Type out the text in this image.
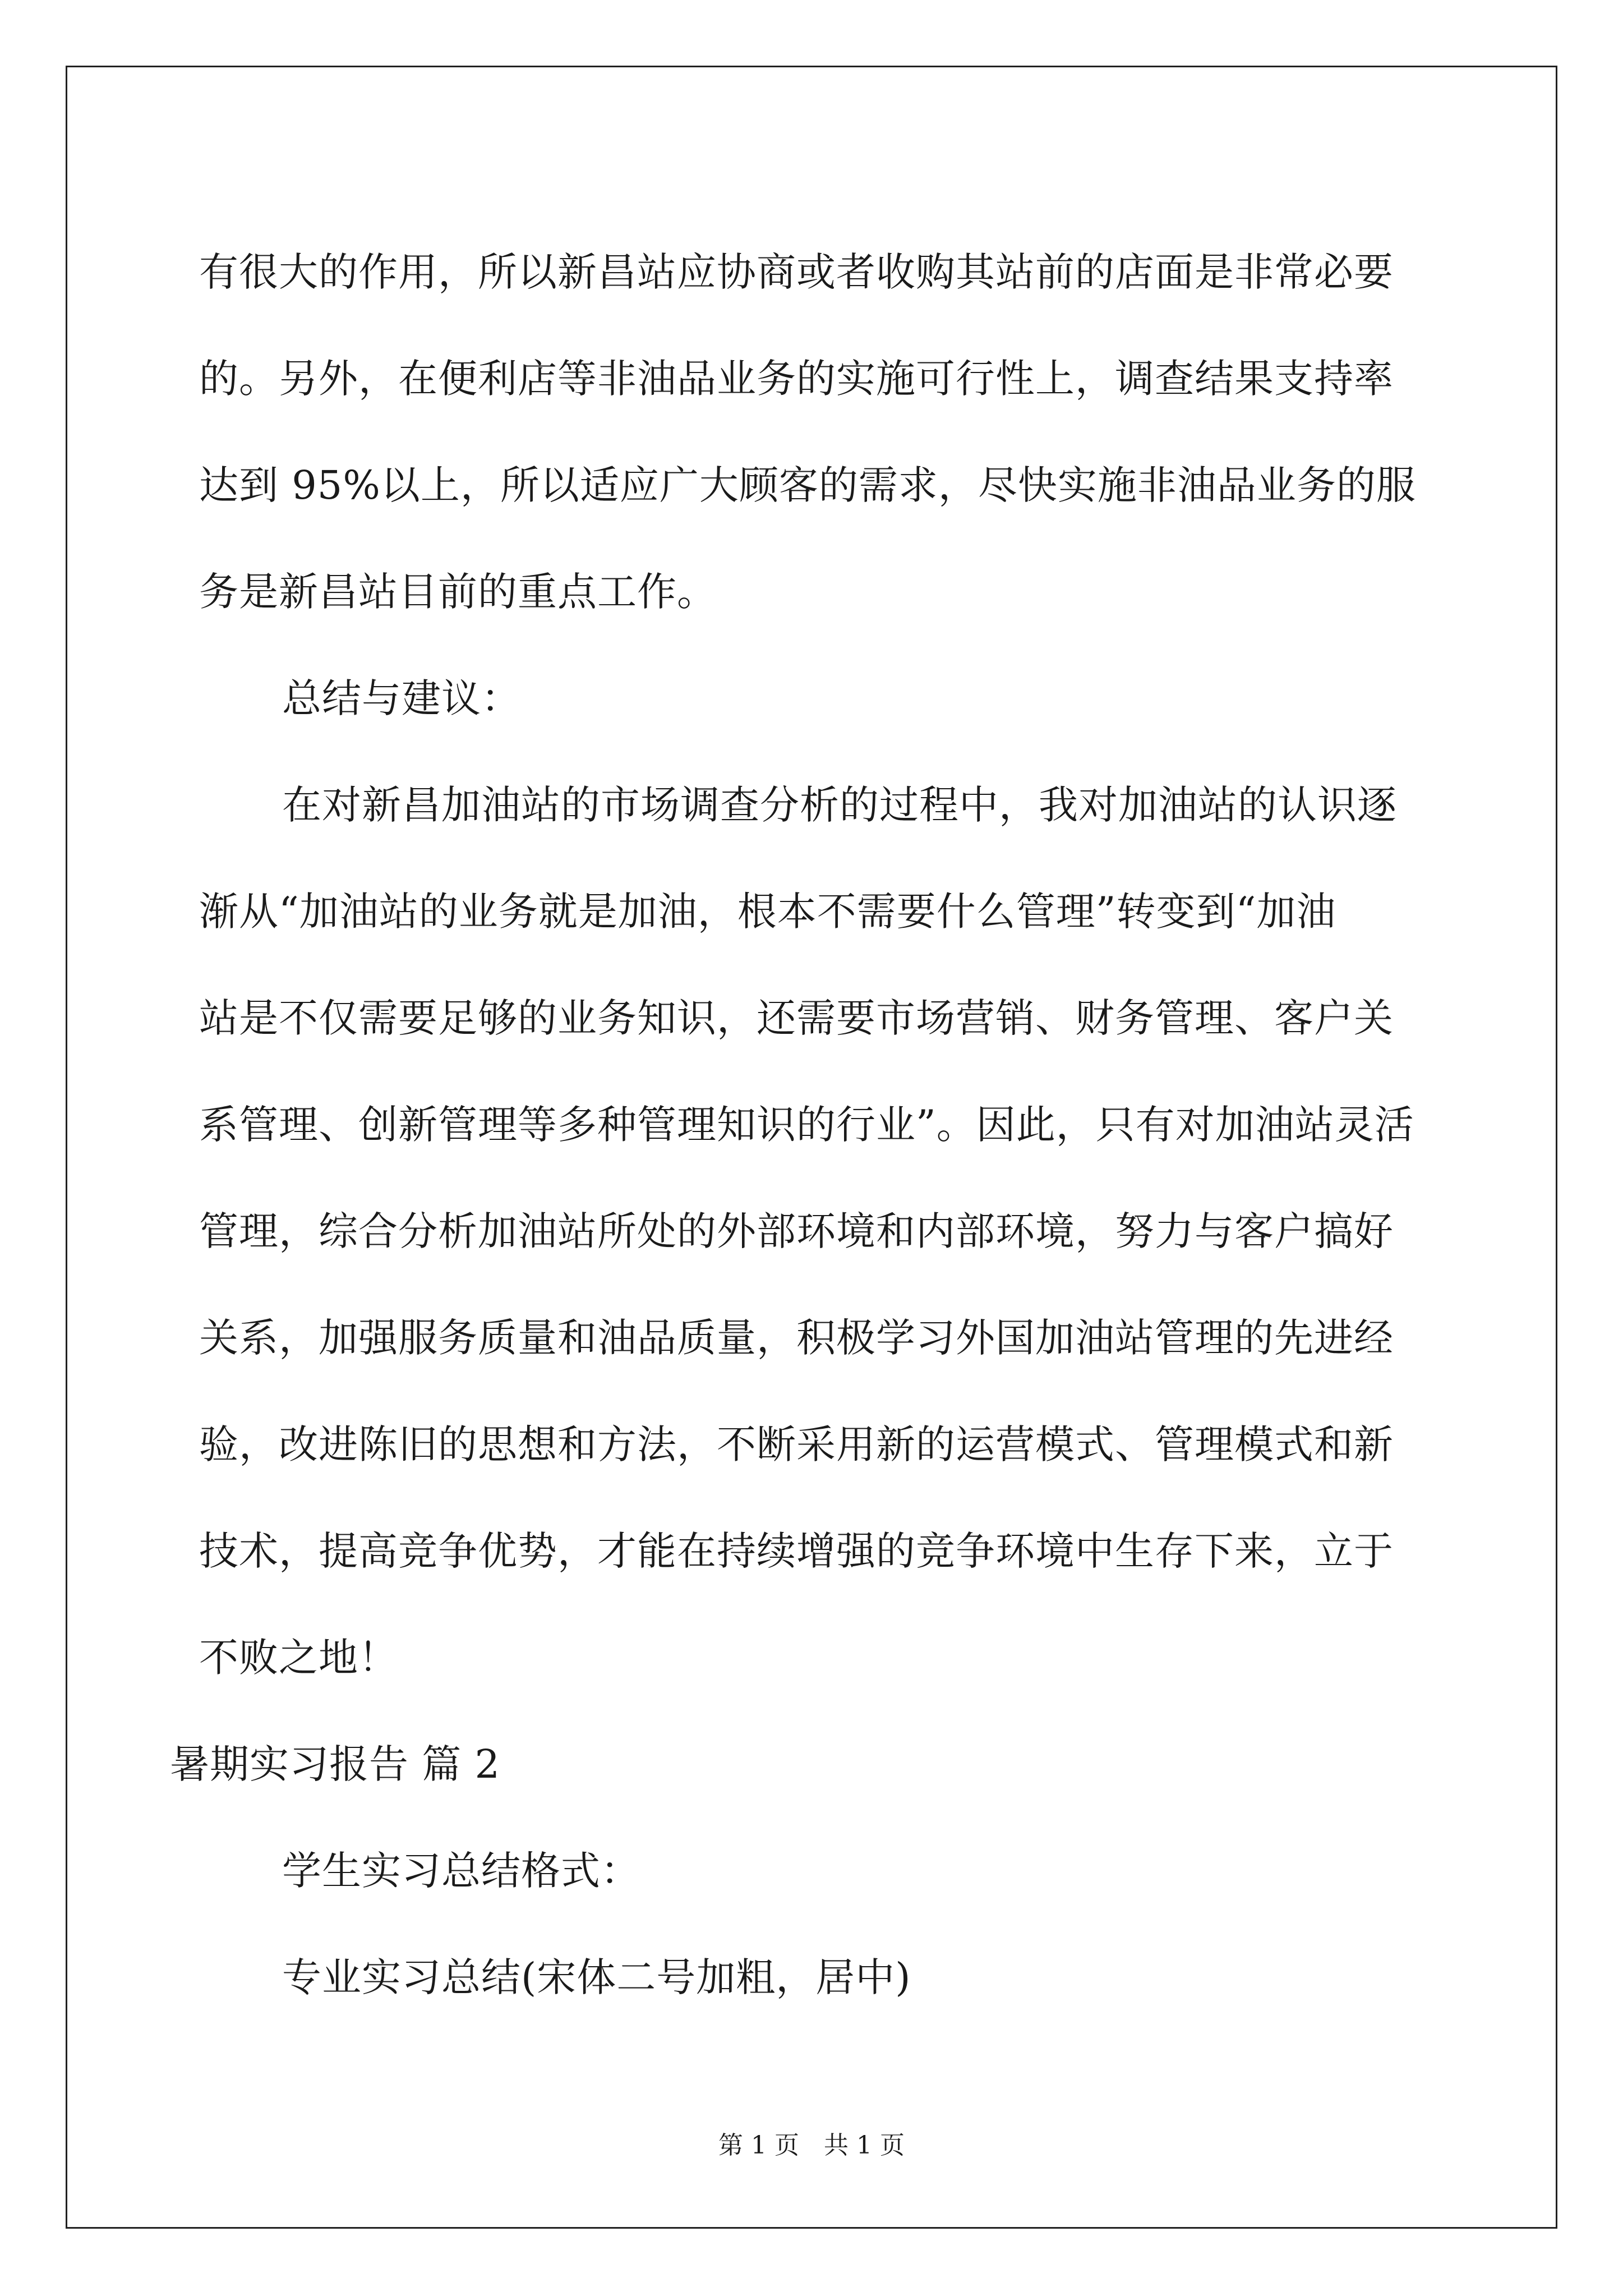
有很大的作用，所以新昌站应协商或者收购其站前的店面是非常必要
的。另外，在便利店等非油品业务的实施可行性上，调查结果支持率
达到 95%以上，所以适应广大顾客的需求，尽快实施非油品业务的服
务是新昌站目前的重点工作。
总结与建议：
在对新昌加油站的市场调查分析的过程中，我对加油站的认识逐
渐从“加油站的业务就是加油，根本不需要什么管理”转变到“加油
站是不仅需要足够的业务知识，还需要市场营销、财务管理、客户关
系管理、创新管理等多种管理知识的行业”。因此，只有对加油站灵活
管理，综合分析加油站所处的外部环境和内部环境，努力与客户搞好
关系，加强服务质量和油品质量，积极学习外国加油站管理的先进经
验，改进陈旧的思想和方法，不断采用新的运营模式、管理模式和新
技术，提高竞争优势，才能在持续增强的竞争环境中生存下来，立于
不败之地！
暑期实习报告 篇 2
学生实习总结格式：
专业实习总结(宋体二号加粗，居中)
第 1 页　共 1 页
